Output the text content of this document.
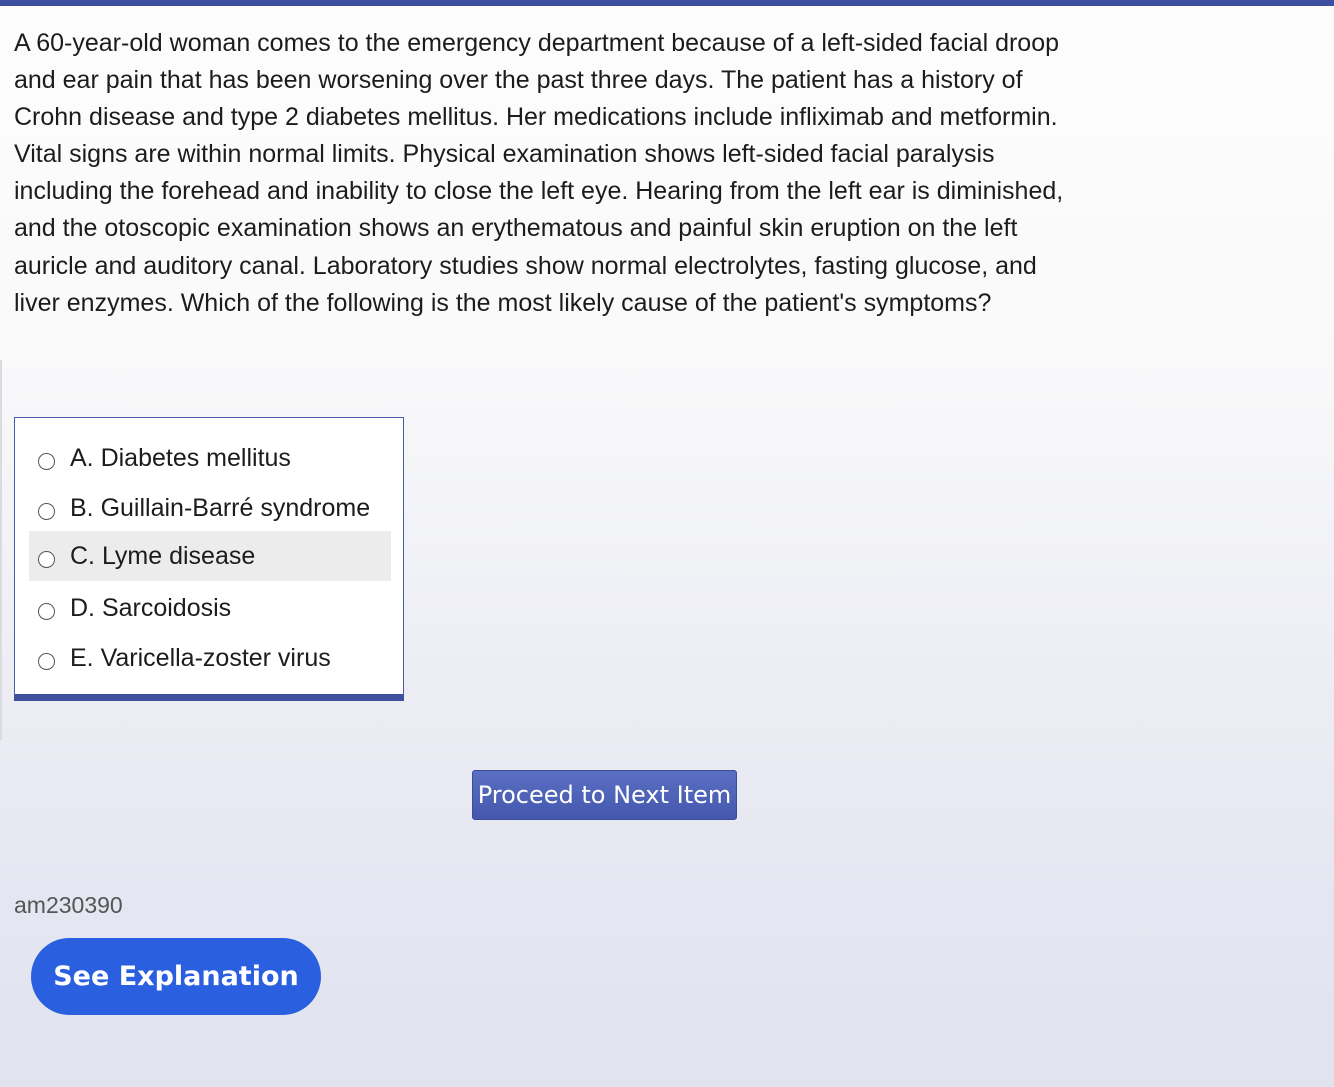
A 60-year-old woman comes to the emergency department because of a left-sided facial droop and ear pain that has been worsening over the past three days. The patient has a history of Crohn disease and type 2 diabetes mellitus. Her medications include infliximab and metformin. Vital signs are within normal limits. Physical examination shows left-sided facial paralysis including the forehead and inability to close the left eye. Hearing from the left ear is diminished, and the otoscopic examination shows an erythematous and painful skin eruption on the left auricle and auditory canal. Laboratory studies show normal electrolytes, fasting glucose, and liver enzymes. Which of the following is the most likely cause of the patient's symptoms?

A. Diabetes mellitus
B. Guillain-Barré syndrome
C. Lyme disease
D. Sarcoidosis
E. Varicella-zoster virus
Proceed to Next Item
am230390
See Explanation
